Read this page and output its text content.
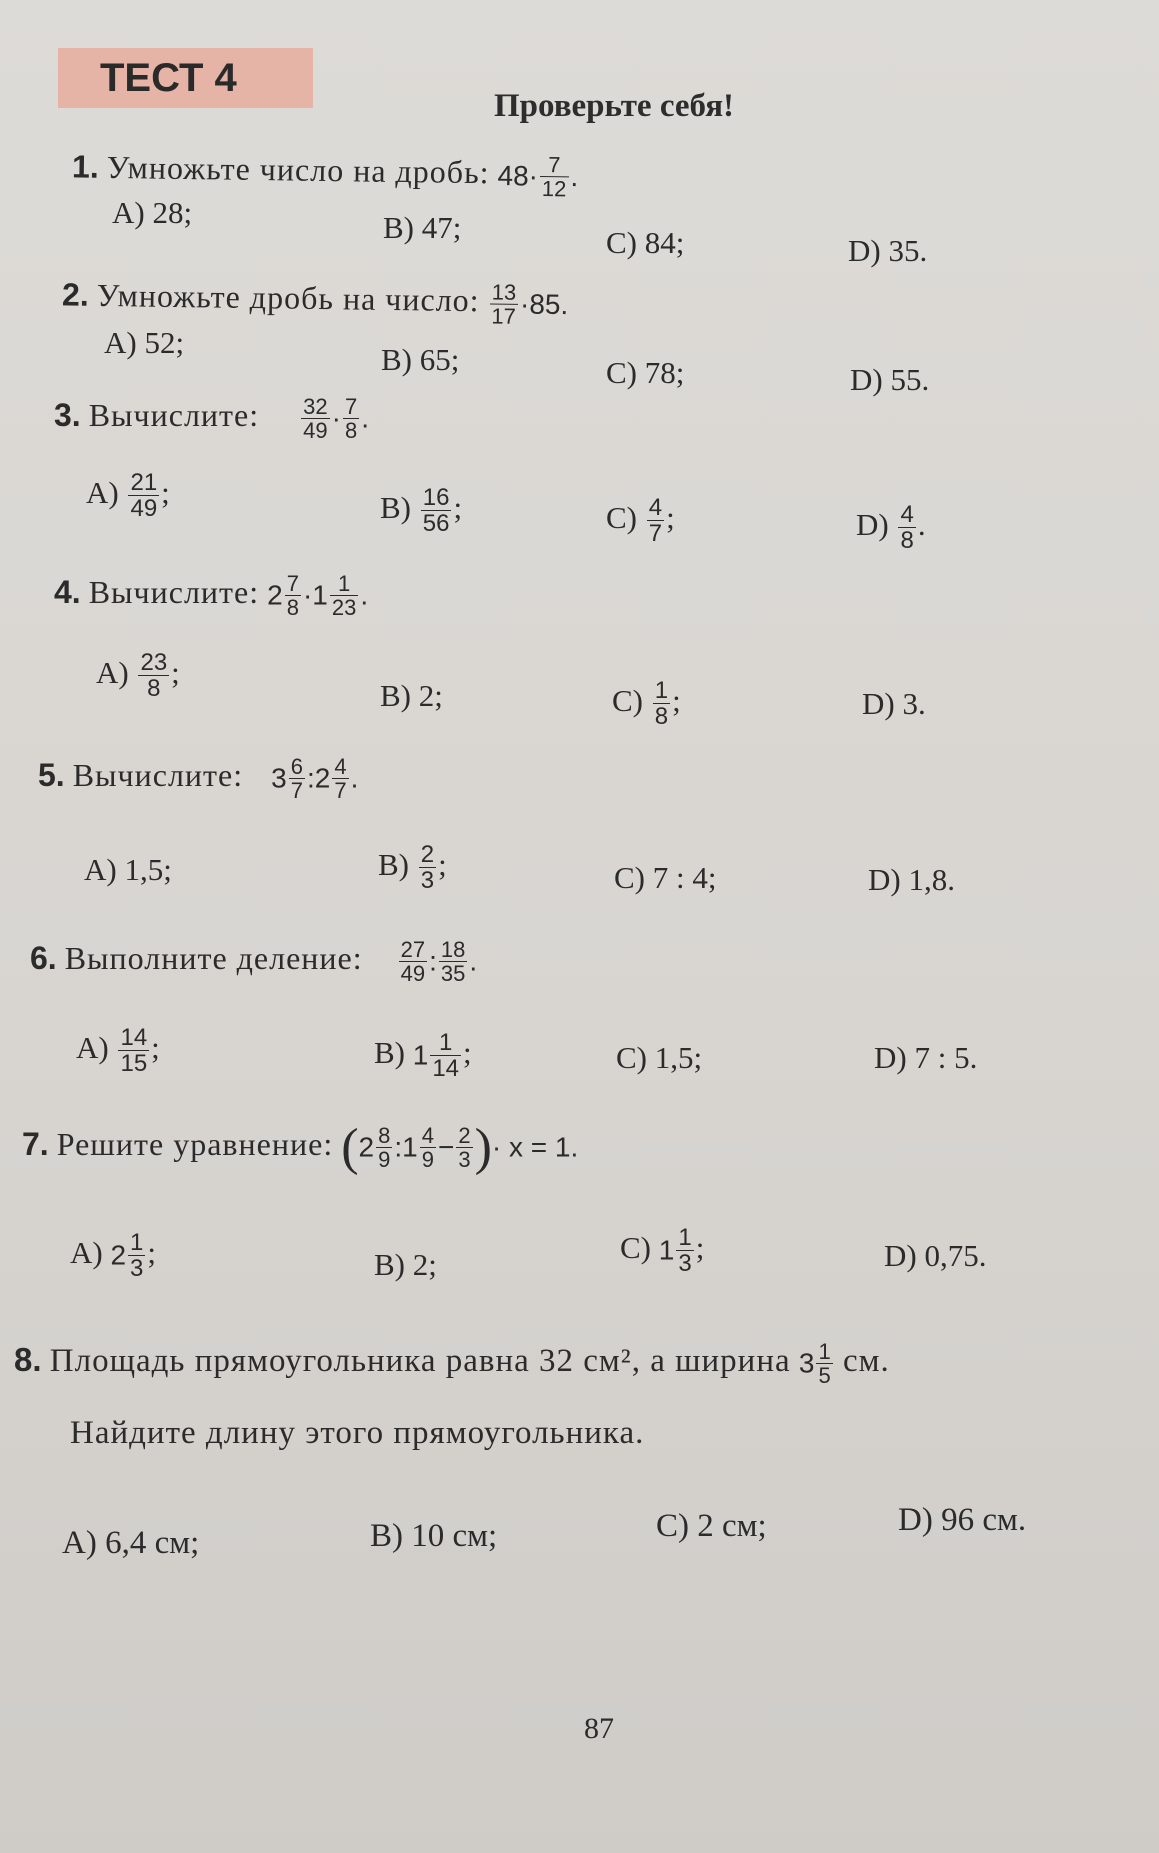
ТЕСТ 4
Проверьте себя!
1. Умножьте число на дробь: $48\cdot \frac{7}{12}$ .
A) 28;	B) 47;	C) 84;	D) 35.
2. Умножьте дробь на число: $\frac{13}{17} \cdot 85$.
A) 52;	B) 65;	C) 78;	D) 55.
3. Вычислите: $\frac{32}{49} \cdot \frac{7}{8}$ .
$A) \frac{21}{49}$ ;	$B) \frac{16}{56}$ ;	$C) \frac{4}{7}$ ;	$D) \frac{4}{8}$ .
4. Вычислите: $2 \frac{7}{8} \cdot 1 \frac{1}{23}$ .
$A) \frac{23}{8}$ ;
B) 2;	$C) \frac{1}{8}$ ;	D) 3.
5. Вычислите: $3 \frac{6}{7}$ :2 $\frac{4}{7}$ .
A) 1,5;	$B) \frac{2}{3}$ ;	C) 7 : 4;	D) 1,8.
6. Выполните деление: $\frac{27}{49}$ : $\frac{18}{35}$ .
$A) \frac{14}{15}$ ;	B) $1 \frac{1}{14}$ ;	C) 1,5;	D) 7 : 5.
7. Решите уравнение: ($2 \frac{8}{9}$ :1 $\frac{4}{9} - \frac{2}{3}$ )· x = 1.
A) $2 \frac{1}{3}$ ;	B) 2;	C) $1 \frac{1}{3}$ ;	D) 0,75.
8. Площадь прямоугольника равна 32 см², а ширина $3 \frac{1}{5}$ см.
Найдите длину этого прямоугольника.
A) 6,4 см;	B) 10 см;	C) 2 см;	D) 96 см.
87
